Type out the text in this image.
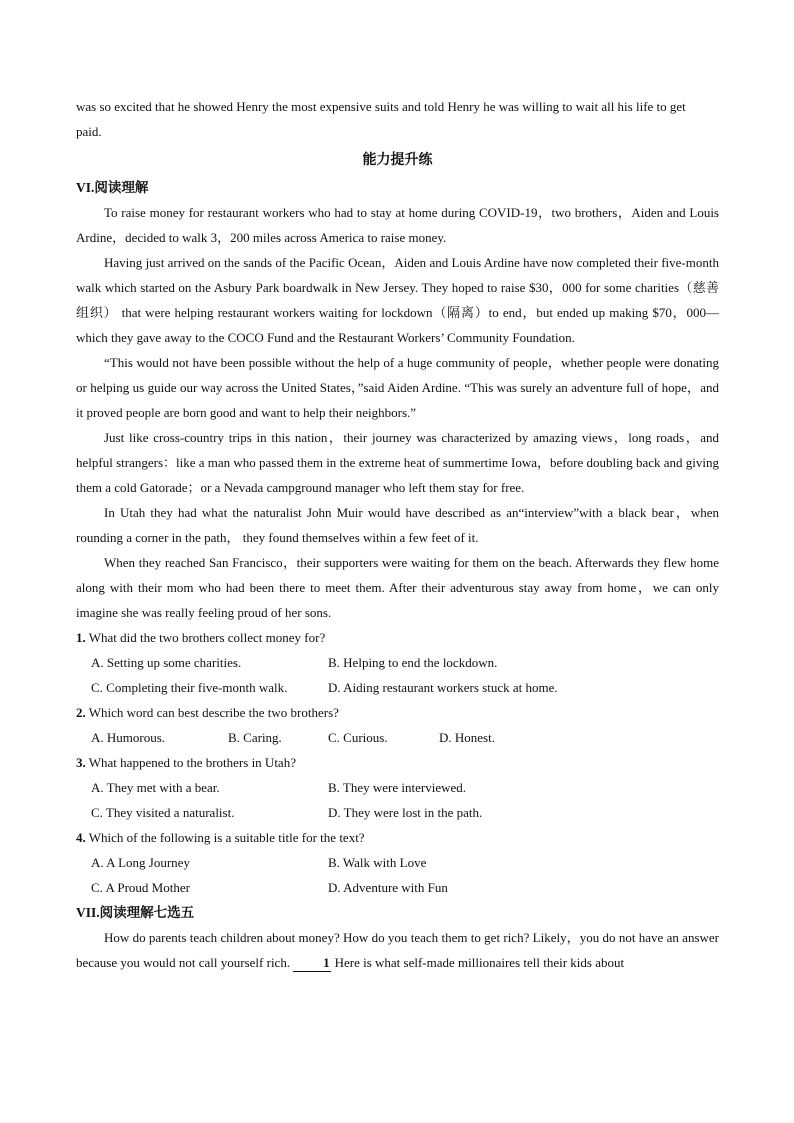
was so excited that he showed Henry the most expensive suits and told Henry he was willing to wait all his life to get
paid.

能力提升练

VI.阅读理解

To raise money for restaurant workers who had to stay at home during COVID-19，two brothers，Aiden and Louis Ardine，decided to walk 3，200 miles across America to raise money.

Having just arrived on the sands of the Pacific Ocean，Aiden and Louis Ardine have now completed their five-month walk which started on the Asbury Park boardwalk in New Jersey. They hoped to raise $30，000 for some charities（慈善组织） that were helping restaurant workers waiting for lockdown（隔离）to end，but ended up making $70，000—which they gave away to the COCO Fund and the Restaurant Workers’ Community Foundation.

“This would not have been possible without the help of a huge community of people，whether people were donating or helping us guide our way across the United States，”said Aiden Ardine. “This was surely an adventure full of hope，and it proved people are born good and want to help their neighbors.”

Just like cross-country trips in this nation，their journey was characterized by amazing views，long roads，and helpful strangers：like a man who passed them in the extreme heat of summertime Iowa，before doubling back and giving them a cold Gatorade；or a Nevada campground manager who left them stay for free.

In Utah they had what the naturalist John Muir would have described as an“interview”with a black bear，when rounding a corner in the path， they found themselves within a few feet of it.

When they reached San Francisco，their supporters were waiting for them on the beach. Afterwards they flew home along with their mom who had been there to meet them. After their adventurous stay away from home，we can only imagine she was really feeling proud of her sons.

1. What did the two brothers collect money for?
A. Setting up some charities.	B. Helping to end the lockdown.
C. Completing their five-month walk.	D. Aiding restaurant workers stuck at home.
2. Which word can best describe the two brothers?
A. Humorous.	B. Caring.	C. Curious.	D. Honest.
3. What happened to the brothers in Utah?
A. They met with a bear.	B. They were interviewed.
C. They visited a naturalist.	D. They were lost in the path.
4. Which of the following is a suitable title for the text?
A. A Long Journey	B. Walk with Love
C. A Proud Mother	D. Adventure with Fun

VII.阅读理解七选五

How do parents teach children about money? How do you teach them to get rich? Likely，you do not have an answer because you would not call yourself rich. 1 Here is what self-made millionaires tell their kids about
